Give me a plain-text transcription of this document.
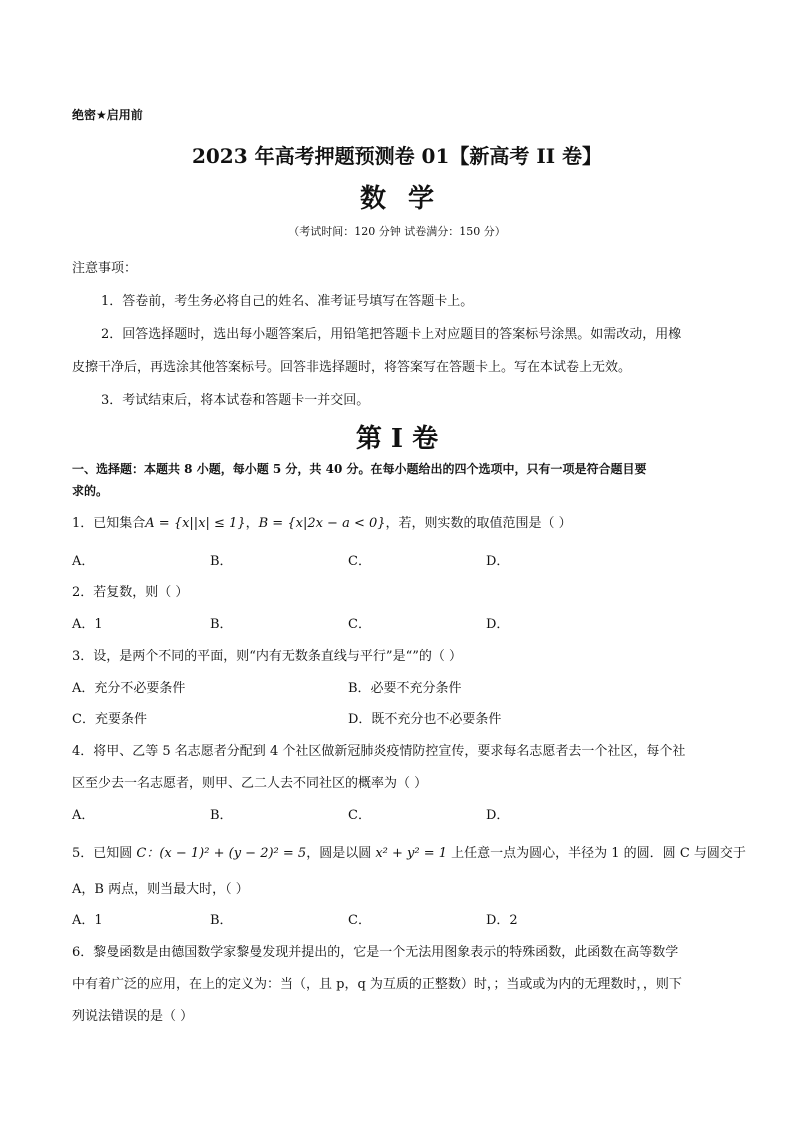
绝密★启用前
2023 年高考押题预测卷 01【新高考 II 卷】
数学
（考试时间：120 分钟 试卷满分：150 分）
注意事项：
1．答卷前，考生务必将自己的姓名、准考证号填写在答题卡上。
2．回答选择题时，选出每小题答案后，用铅笔把答题卡上对应题目的答案标号涂黑。如需改动，用橡
皮擦干净后，再选涂其他答案标号。回答非选择题时，将答案写在答题卡上。写在本试卷上无效。
3．考试结束后，将本试卷和答题卡一并交回。
第 I 卷
一、选择题：本题共 8 小题，每小题 5 分，共 40 分。在每小题给出的四个选项中，只有一项是符合题目要
求的。
1．已知集合A = {x||x| ≤ 1}，B = {x|2x − a < 0}，若，则实数的取值范围是（ ）
A．	B．	C．	D．
2．若复数，则（ ）
A．1	B．	C．	D．
3．设，是两个不同的平面，则“内有无数条直线与平行”是“”的（ ）
A．充分不必要条件	B．必要不充分条件
C．充要条件	D．既不充分也不必要条件
4．将甲、乙等 5 名志愿者分配到 4 个社区做新冠肺炎疫情防控宣传，要求每名志愿者去一个社区，每个社
区至少去一名志愿者，则甲、乙二人去不同社区的概率为（ ）
A．	B．	C．	D．
5．已知圆 C：(x − 1)² + (y − 2)² = 5，圆是以圆 x² + y² = 1 上任意一点为圆心，半径为 1 的圆．圆 C 与圆交于
A，B 两点，则当最大时，（ ）
A．1	B．	C．	D．2
6．黎曼函数是由德国数学家黎曼发现并提出的，它是一个无法用图象表示的特殊函数，此函数在高等数学
中有着广泛的应用，在上的定义为：当（，且 p，q 为互质的正整数）时，；当或或为内的无理数时，，则下
列说法错误的是（ ）
